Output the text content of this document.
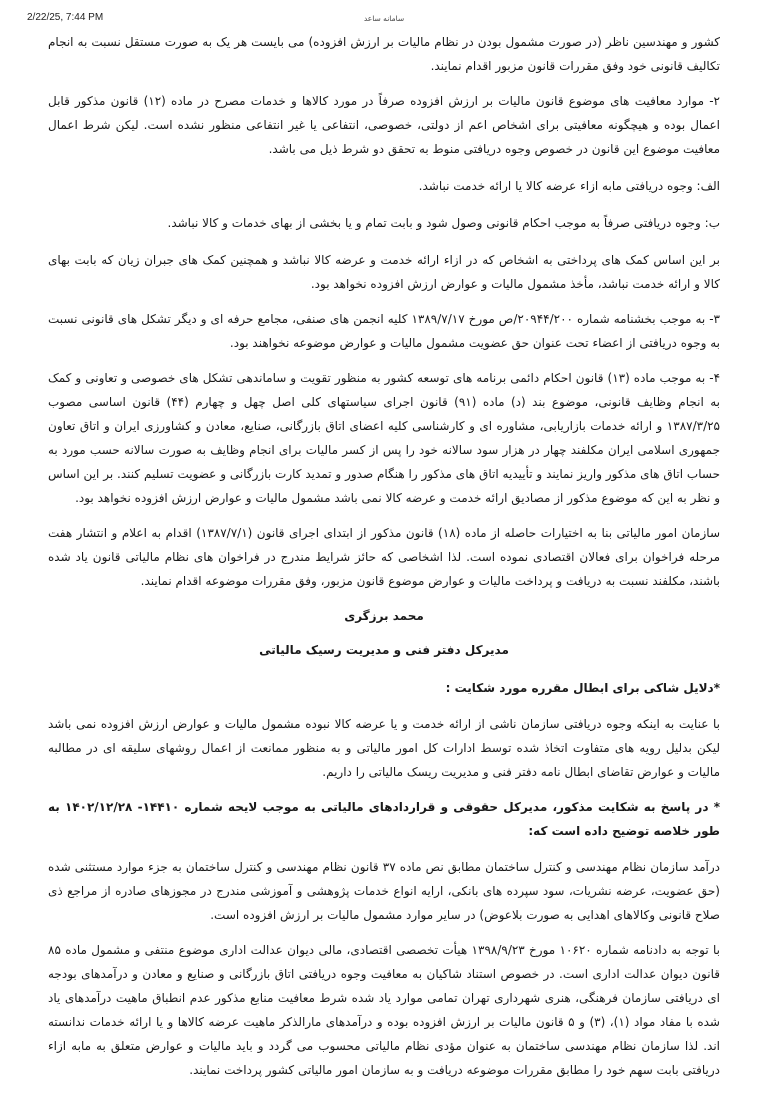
2/22/25, 7:44 PM	سامانه ساعد

کشور و مهندسین ناظر (در صورت مشمول بودن در نظام مالیات بر ارزش افزوده) می بایست هر یک به صورت مستقل نسبت به انجام تکالیف قانونی خود وفق مقررات قانون مزبور اقدام نمایند.

۲- موارد معافیت های موضوع قانون مالیات بر ارزش افزوده صرفاً در مورد کالاها و خدمات مصرح در ماده (۱۲) قانون مذکور قابل اعمال بوده و هیچگونه معافیتی برای اشخاص اعم از دولتی، خصوصی، انتفاعی یا غیر انتفاعی منظور نشده است. لیکن شرط اعمال معافیت موضوع این قانون در خصوص وجوه دریافتی منوط به تحقق دو شرط ذیل می باشد.

الف: وجوه دریافتی مابه ازاء عرضه کالا یا ارائه خدمت نباشد.

ب: وجوه دریافتی صرفاً به موجب احکام قانونی وصول شود و بابت تمام و یا بخشی از بهای خدمات و کالا نباشد.

بر این اساس کمک های پرداختی به اشخاص که در ازاء ارائه خدمت و عرضه کالا نباشد و همچنین کمک های جبران زیان که بابت بهای کالا و ارائه خدمت نباشد، مأخذ مشمول مالیات و عوارض ارزش افزوده نخواهد بود.

۳- به موجب بخشنامه شماره ۲۰۹۴۴/۲۰۰/ص مورخ ۱۳۸۹/۷/۱۷ کلیه انجمن های صنفی، مجامع حرفه ای و دیگر تشکل های قانونی نسبت به وجوه دریافتی از اعضاء تحت عنوان حق عضویت مشمول مالیات و عوارض موضوعه نخواهند بود.

۴- به موجب ماده (۱۳) قانون احکام دائمی برنامه های توسعه کشور به منظور تقویت و ساماندهی تشکل های خصوصی و تعاونی و کمک به انجام وظایف قانونی، موضوع بند (د) ماده (۹۱) قانون اجرای سیاستهای کلی اصل چهل و چهارم (۴۴) قانون اساسی مصوب ۱۳۸۷/۳/۲۵ و ارائه خدمات بازاریابی، مشاوره ای و کارشناسی کلیه اعضای اتاق بازرگانی، صنایع، معادن و کشاورزی ایران و اتاق تعاون جمهوری اسلامی ایران مکلفند چهار در هزار سود سالانه خود را پس از کسر مالیات برای انجام وظایف به صورت سالانه حسب مورد به حساب اتاق های مذکور واریز نمایند و تأییدیه اتاق های مذکور را هنگام صدور و تمدید کارت بازرگانی و عضویت تسلیم کنند. بر این اساس و نظر به این که موضوع مذکور از مصادیق ارائه خدمت و عرضه کالا نمی باشد مشمول مالیات و عوارض ارزش افزوده نخواهد بود.

سازمان امور مالیاتی بنا به اختیارات حاصله از ماده (۱۸) قانون مذکور از ابتدای اجرای قانون (۱۳۸۷/۷/۱) اقدام به اعلام و انتشار هفت مرحله فراخوان برای فعالان اقتصادی نموده است. لذا اشخاصی که حائز شرایط مندرج در فراخوان های نظام مالیاتی قانون یاد شده باشند، مکلفند نسبت به دریافت و پرداخت مالیات و عوارض موضوع قانون مزبور، وفق مقررات موضوعه اقدام نمایند.

محمد برزگری

مدیرکل دفتر فنی و مدیریت رسیک مالیاتی

*دلایل شاکی برای ابطال مقرره مورد شکایت :

با عنایت به اینکه وجوه دریافتی سازمان ناشی از ارائه خدمت و یا عرضه کالا نبوده مشمول مالیات و عوارض ارزش افزوده نمی باشد لیکن بدلیل رویه های متفاوت اتخاذ شده توسط ادارات کل امور مالیاتی و به منظور ممانعت از اعمال روشهای سلیقه ای در مطالبه مالیات و عوارض تقاضای ابطال نامه دفتر فنی و مدیریت ریسک مالیاتی را داریم.

* در پاسخ به شکایت مذکور، مدیرکل حقوقی و قراردادهای مالیاتی به موجب لایحه شماره ۱۴۴۱۰- ۱۴۰۲/۱۲/۲۸ به طور خلاصه توضیح داده است که:

درآمد سازمان نظام مهندسی و کنترل ساختمان مطابق نص ماده ۳۷ قانون نظام مهندسی و کنترل ساختمان به جزء موارد مستثنی شده (حق عضویت، عرضه نشریات، سود سپرده های بانکی، ارایه انواع خدمات پژوهشی و آموزشی مندرج در مجوزهای صادره از مراجع ذی صلاح قانونی وکالاهای اهدایی به صورت بلاعوض) در سایر موارد مشمول مالیات بر ارزش افزوده است.

با توجه به دادنامه شماره ۱۰۶۲۰ مورخ ۱۳۹۸/۹/۲۳ هیأت تخصصی اقتصادی، مالی دیوان عدالت اداری موضوع منتفی و مشمول ماده ۸۵ قانون دیوان عدالت اداری است. در خصوص استناد شاکیان به معافیت وجوه دریافتی اتاق بازرگانی و صنایع و معادن و درآمدهای بودجه ای دریافتی سازمان فرهنگی، هنری شهرداری تهران تمامی موارد یاد شده شرط معافیت منابع مذکور عدم انطباق ماهیت درآمدهای یاد شده با مفاد مواد (۱)، (۳) و ۵ قانون مالیات بر ارزش افزوده بوده و درآمدهای مارالذکر ماهیت عرضه کالاها و یا ارائه خدمات ندانسته اند. لذا سازمان نظام مهندسی ساختمان به عنوان مؤدی نظام مالیاتی محسوب می گردد و باید مالیات و عوارض متعلق به مابه ازاء دریافتی بابت سهم خود را مطابق مقررات موضوعه دریافت و به سازمان امور مالیاتی کشور پرداخت نمایند.
